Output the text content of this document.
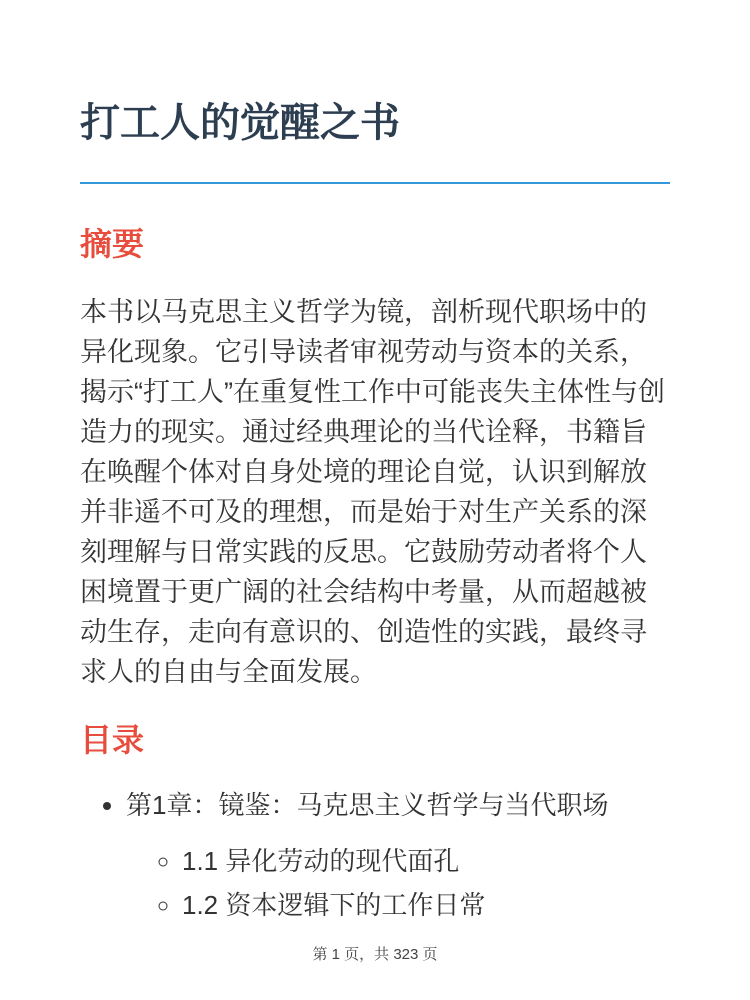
打工人的觉醒之书
摘要

本书以马克思主义哲学为镜，剖析现代职场中的异化现象。它引导读者审视劳动与资本的关系，揭示“打工人”在重复性工作中可能丧失主体性与创造力的现实。通过经典理论的当代诠释，书籍旨在唤醒个体对自身处境的理论自觉，认识到解放并非遥不可及的理想，而是始于对生产关系的深刻理解与日常实践的反思。它鼓励劳动者将个人困境置于更广阔的社会结构中考量，从而超越被动生存，走向有意识的、创造性的实践，最终寻求人的自由与全面发展。

目录
• 第1章：镜鉴：马克思主义哲学与当代职场
◦ 1.1 异化劳动的现代面孔
◦ 1.2 资本逻辑下的工作日常
第 1 页，共 323 页
